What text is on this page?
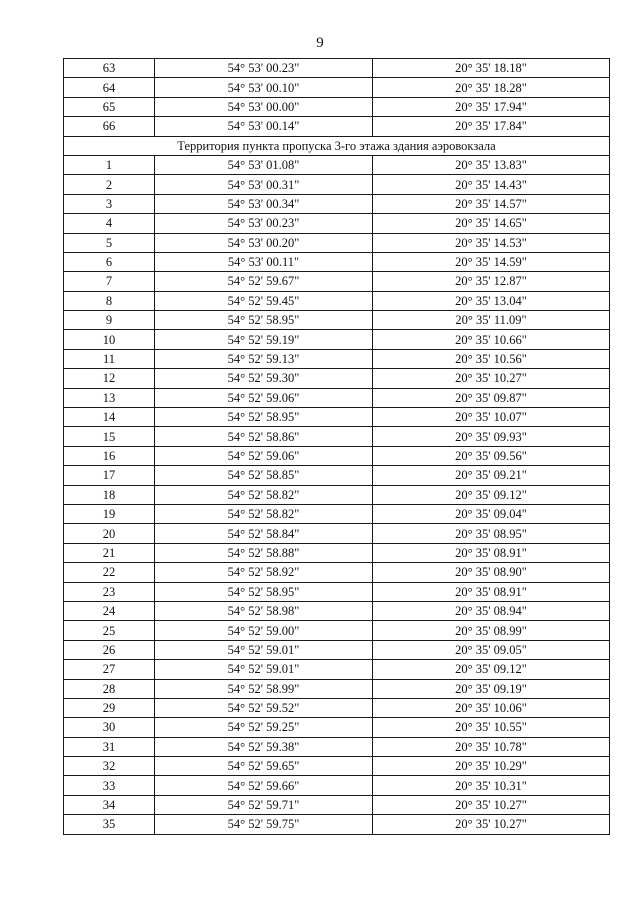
9
63	54° 53' 00.23"	20° 35' 18.18"
64	54° 53' 00.10"	20° 35' 18.28"
65	54° 53' 00.00"	20° 35' 17.94"
66	54° 53' 00.14"	20° 35' 17.84"
Территория пункта пропуска 3-го этажа здания аэровокзала		
1	54° 53' 01.08"	20° 35' 13.83"
2	54° 53' 00.31"	20° 35' 14.43"
3	54° 53' 00.34"	20° 35' 14.57"
4	54° 53' 00.23"	20° 35' 14.65"
5	54° 53' 00.20"	20° 35' 14.53"
6	54° 53' 00.11"	20° 35' 14.59"
7	54° 52' 59.67"	20° 35' 12.87"
8	54° 52' 59.45"	20° 35' 13.04"
9	54° 52' 58.95"	20° 35' 11.09"
10	54° 52' 59.19"	20° 35' 10.66"
11	54° 52' 59.13"	20° 35' 10.56"
12	54° 52' 59.30"	20° 35' 10.27"
13	54° 52' 59.06"	20° 35' 09.87"
14	54° 52' 58.95"	20° 35' 10.07"
15	54° 52' 58.86"	20° 35' 09.93"
16	54° 52' 59.06"	20° 35' 09.56"
17	54° 52' 58.85"	20° 35' 09.21"
18	54° 52' 58.82"	20° 35' 09.12"
19	54° 52' 58.82"	20° 35' 09.04"
20	54° 52' 58.84"	20° 35' 08.95"
21	54° 52' 58.88"	20° 35' 08.91"
22	54° 52' 58.92"	20° 35' 08.90"
23	54° 52' 58.95"	20° 35' 08.91"
24	54° 52' 58.98"	20° 35' 08.94"
25	54° 52' 59.00"	20° 35' 08.99"
26	54° 52' 59.01"	20° 35' 09.05"
27	54° 52' 59.01"	20° 35' 09.12"
28	54° 52' 58.99"	20° 35' 09.19"
29	54° 52' 59.52"	20° 35' 10.06"
30	54° 52' 59.25"	20° 35' 10.55"
31	54° 52' 59.38"	20° 35' 10.78"
32	54° 52' 59.65"	20° 35' 10.29"
33	54° 52' 59.66"	20° 35' 10.31"
34	54° 52' 59.71"	20° 35' 10.27"
35	54° 52' 59.75"	20° 35' 10.27"
